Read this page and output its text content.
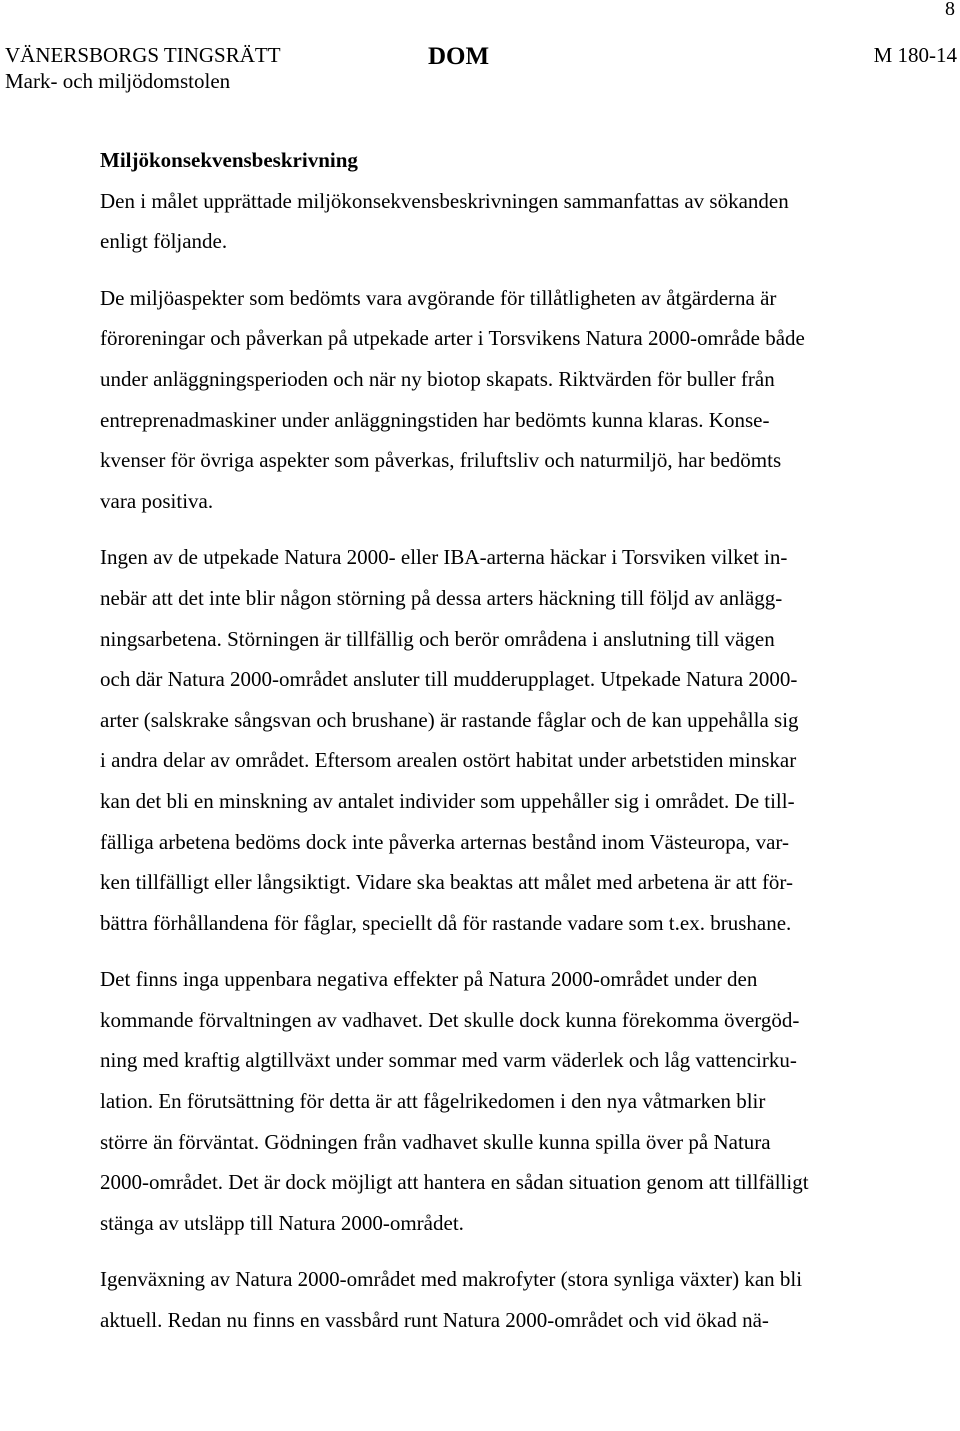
8
VÄNERSBORGS TINGSRÄTT	DOM	M 180-14
Mark- och miljödomstolen
Miljökonsekvensbeskrivning
Den i målet upprättade miljökonsekvensbeskrivningen sammanfattas av sökanden
enligt följande.
De miljöaspekter som bedömts vara avgörande för tillåtligheten av åtgärderna är
föroreningar och påverkan på utpekade arter i Torsvikens Natura 2000-område både
under anläggningsperioden och när ny biotop skapats. Riktvärden för buller från
entreprenadmaskiner under anläggningstiden har bedömts kunna klaras. Konse-
kvenser för övriga aspekter som påverkas, friluftsliv och naturmiljö, har bedömts
vara positiva.
Ingen av de utpekade Natura 2000- eller IBA-arterna häckar i Torsviken vilket in-
nebär att det inte blir någon störning på dessa arters häckning till följd av anlägg-
ningsarbetena. Störningen är tillfällig och berör områdena i anslutning till vägen
och där Natura 2000-området ansluter till mudderupplaget. Utpekade Natura 2000-
arter (salskrake sångsvan och brushane) är rastande fåglar och de kan uppehålla sig
i andra delar av området. Eftersom arealen ostört habitat under arbetstiden minskar
kan det bli en minskning av antalet individer som uppehåller sig i området. De till-
fälliga arbetena bedöms dock inte påverka arternas bestånd inom Västeuropa, var-
ken tillfälligt eller långsiktigt. Vidare ska beaktas att målet med arbetena är att för-
bättra förhållandena för fåglar, speciellt då för rastande vadare som t.ex. brushane.
Det finns inga uppenbara negativa effekter på Natura 2000-området under den
kommande förvaltningen av vadhavet. Det skulle dock kunna förekomma övergöd-
ning med kraftig algtillväxt under sommar med varm väderlek och låg vattencirku-
lation. En förutsättning för detta är att fågelrikedomen i den nya våtmarken blir
större än förväntat. Gödningen från vadhavet skulle kunna spilla över på Natura
2000-området. Det är dock möjligt att hantera en sådan situation genom att tillfälligt
stänga av utsläpp till Natura 2000-området.
Igenväxning av Natura 2000-området med makrofyter (stora synliga växter) kan bli
aktuell. Redan nu finns en vassbård runt Natura 2000-området och vid ökad nä-
